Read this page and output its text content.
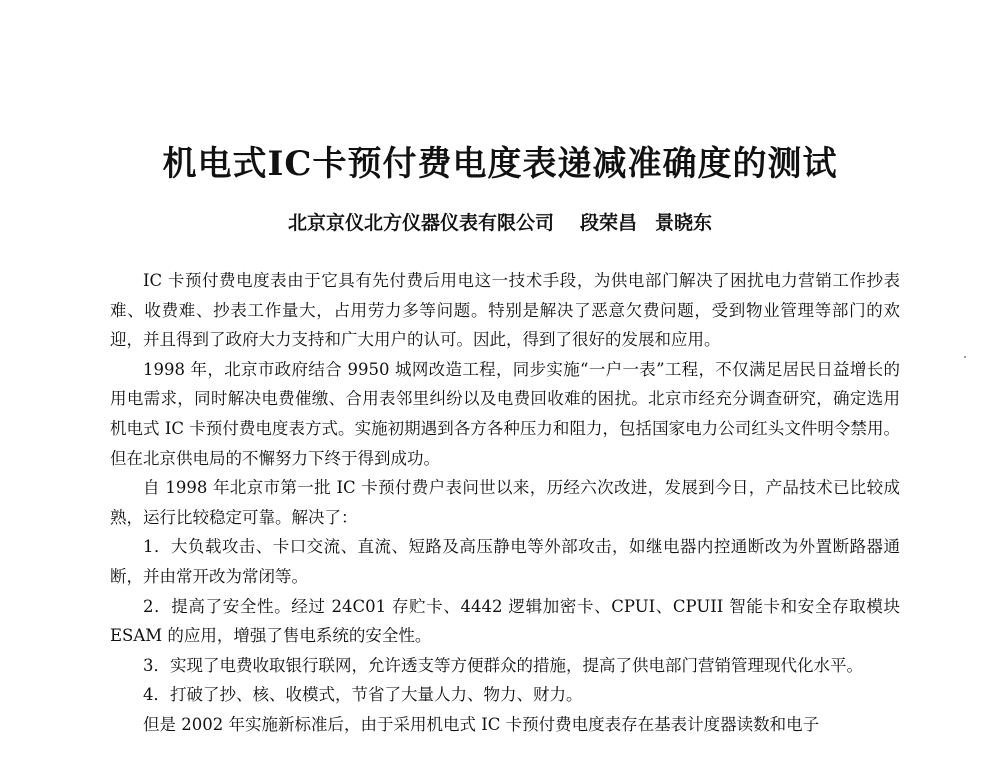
机电式IC卡预付费电度表递减准确度的测试
北京京仪北方仪器仪表有限公司 段荣昌 景晓东

IC 卡预付费电度表由于它具有先付费后用电这一技术手段，为供电部门解决了困扰电力营销工作抄表难、收费难、抄表工作量大，占用劳力多等问题。特别是解决了恶意欠费问题，受到物业管理等部门的欢迎，并且得到了政府大力支持和广大用户的认可。因此，得到了很好的发展和应用。

1998 年，北京市政府结合 9950 城网改造工程，同步实施“一户一表”工程，不仅满足居民日益增长的用电需求，同时解决电费催缴、合用表邻里纠纷以及电费回收难的困扰。北京市经充分调查研究，确定选用机电式 IC 卡预付费电度表方式。实施初期遇到各方各种压力和阻力，包括国家电力公司红头文件明令禁用。但在北京供电局的不懈努力下终于得到成功。

自 1998 年北京市第一批 IC 卡预付费户表问世以来，历经六次改进，发展到今日，产品技术已比较成熟，运行比较稳定可靠。解决了：

1．大负载攻击、卡口交流、直流、短路及高压静电等外部攻击，如继电器内控通断改为外置断路器通断，并由常开改为常闭等。

2．提高了安全性。经过 24C01 存贮卡、4442 逻辑加密卡、CPUI、CPUII 智能卡和安全存取模块 ESAM 的应用，增强了售电系统的安全性。

3．实现了电费收取银行联网，允许透支等方便群众的措施，提高了供电部门营销管理现代化水平。

4．打破了抄、核、收模式，节省了大量人力、物力、财力。

但是 2002 年实施新标准后，由于采用机电式 IC 卡预付费电度表存在基表计度器读数和电子
